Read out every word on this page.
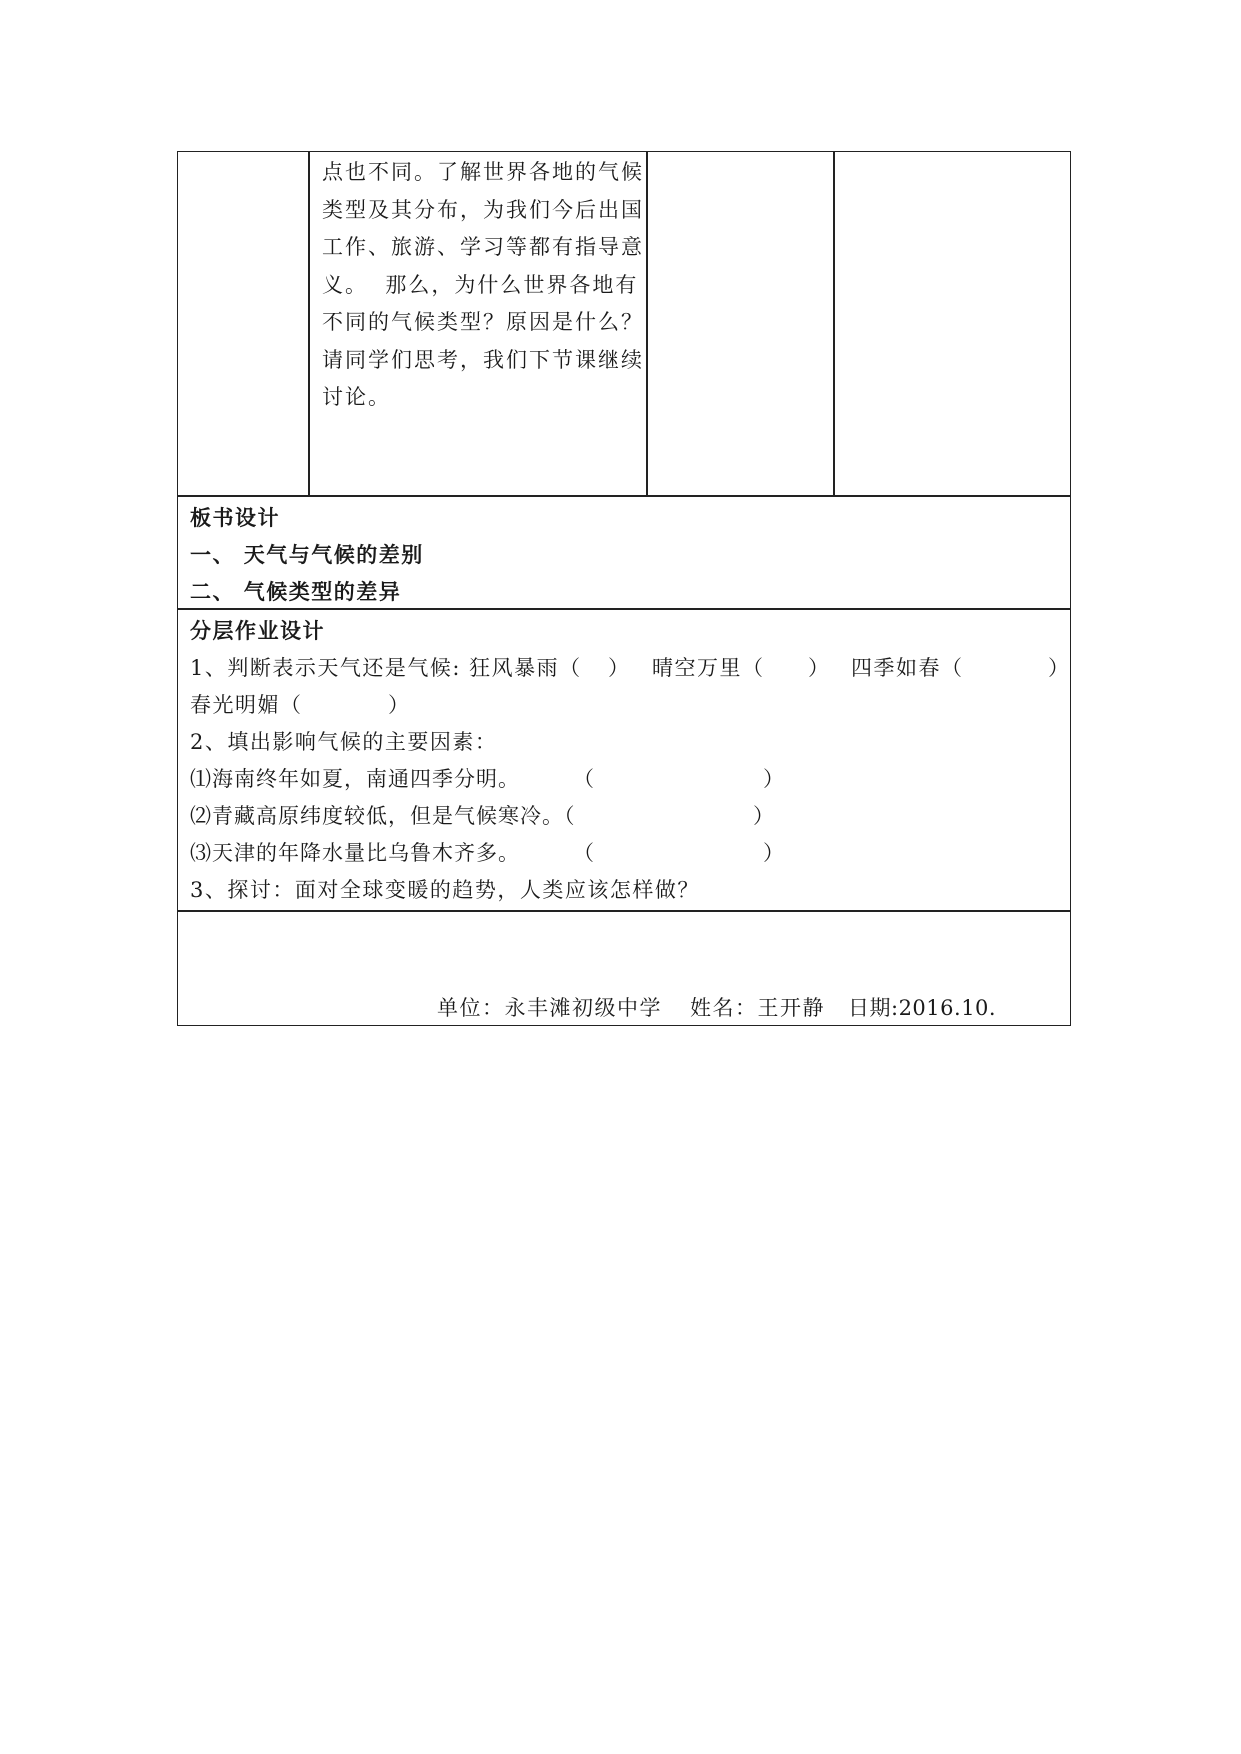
点也不同。了解世界各地的气候
类型及其分布，为我们今后出国
工作、旅游、学习等都有指导意
义。  那么，为什么世界各地有
不同的气候类型？原因是什么？
请同学们思考，我们下节课继续
讨论。
板书设计
一、 天气与气候的差别
二、 气候类型的差异
分层作业设计
1、判断表示天气还是气候: 狂风暴雨（ ） 晴空万里（ ） 四季如春（	）
春光明媚（	）
2、填出影响气候的主要因素：
⑴海南终年如夏，南通四季分明。	（	）
⑵青藏高原纬度较低，但是气候寒冷。（	）
⑶天津的年降水量比乌鲁木齐多。	（	）
3、探讨：面对全球变暖的趋势，人类应该怎样做？
单位：永丰滩初级中学 姓名：王开静 日期:2016.10.
